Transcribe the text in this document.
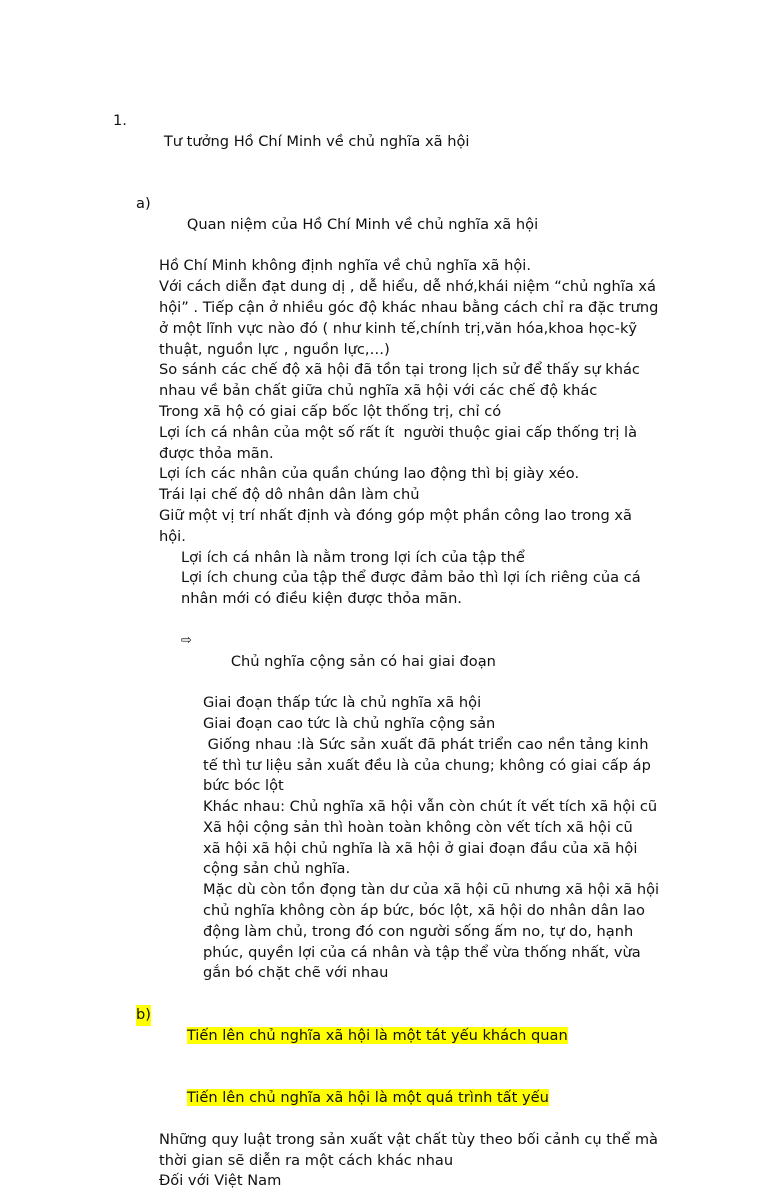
1.

Tư tưởng Hồ Chí Minh về chủ nghĩa xã hội

a)

Quan niệm của Hồ Chí Minh về chủ nghĩa xã hội

Hồ Chí Minh không định nghĩa về chủ nghĩa xã hội.
Với cách diễn đạt dung dị , dễ hiểu, dễ nhớ,khái niệm “chủ nghĩa xá
hội” . Tiếp cận ở nhiều góc độ khác nhau bằng cách chỉ ra đặc trưng
ở một lĩnh vực nào đó ( như kinh tế,chính trị,văn hóa,khoa học-kỹ
thuật, nguồn lực , nguồn lực,…)
So sánh các chế độ xã hội đã tồn tại trong lịch sử để thấy sự khác
nhau về bản chất giữa chủ nghĩa xã hội với các chế độ khác
Trong xã hộ có giai cấp bốc lột thống trị, chỉ có
Lợi ích cá nhân của một số rất ít  người thuộc giai cấp thống trị là
được thỏa mãn.
Lợi ích các nhân của quần chúng lao động thì bị giày xéo.
Trái lại chế độ dô nhân dân làm chủ
Giữ một vị trí nhất định và đóng góp một phần công lao trong xã
hội.
Lợi ích cá nhân là nằm trong lợi ích của tập thể
Lợi ích chung của tập thể được đảm bảo thì lợi ích riêng của cá
nhân mới có điều kiện được thỏa mãn.

⇨

Chủ nghĩa cộng sản có hai giai đoạn

Giai đoạn thấp tức là chủ nghĩa xã hội
Giai đoạn cao tức là chủ nghĩa cộng sản
Giống nhau :là Sức sản xuất đã phát triển cao nền tảng kinh
tế thì tư liệu sản xuất đều là của chung; không có giai cấp áp
bức bóc lột
Khác nhau: Chủ nghĩa xã hội vẫn còn chút ít vết tích xã hội cũ
Xã hội cộng sản thì hoàn toàn không còn vết tích xã hội cũ
xã hội xã hội chủ nghĩa là xã hội ở giai đoạn đầu của xã hội
cộng sản chủ nghĩa.
Mặc dù còn tồn đọng tàn dư của xã hội cũ nhưng xã hội xã hội
chủ nghĩa không còn áp bức, bóc lột, xã hội do nhân dân lao
động làm chủ, trong đó con người sống ấm no, tự do, hạnh
phúc, quyền lợi của cá nhân và tập thể vừa thống nhất, vừa
gắn bó chặt chẽ với nhau

b)

Tiến lên chủ nghĩa xã hội là một tát yếu khách quan

Tiến lên chủ nghĩa xã hội là một quá trình tất yếu

Những quy luật trong sản xuất vật chất tùy theo bối cảnh cụ thể mà
thời gian sẽ diễn ra một cách khác nhau
Đối với Việt Nam
